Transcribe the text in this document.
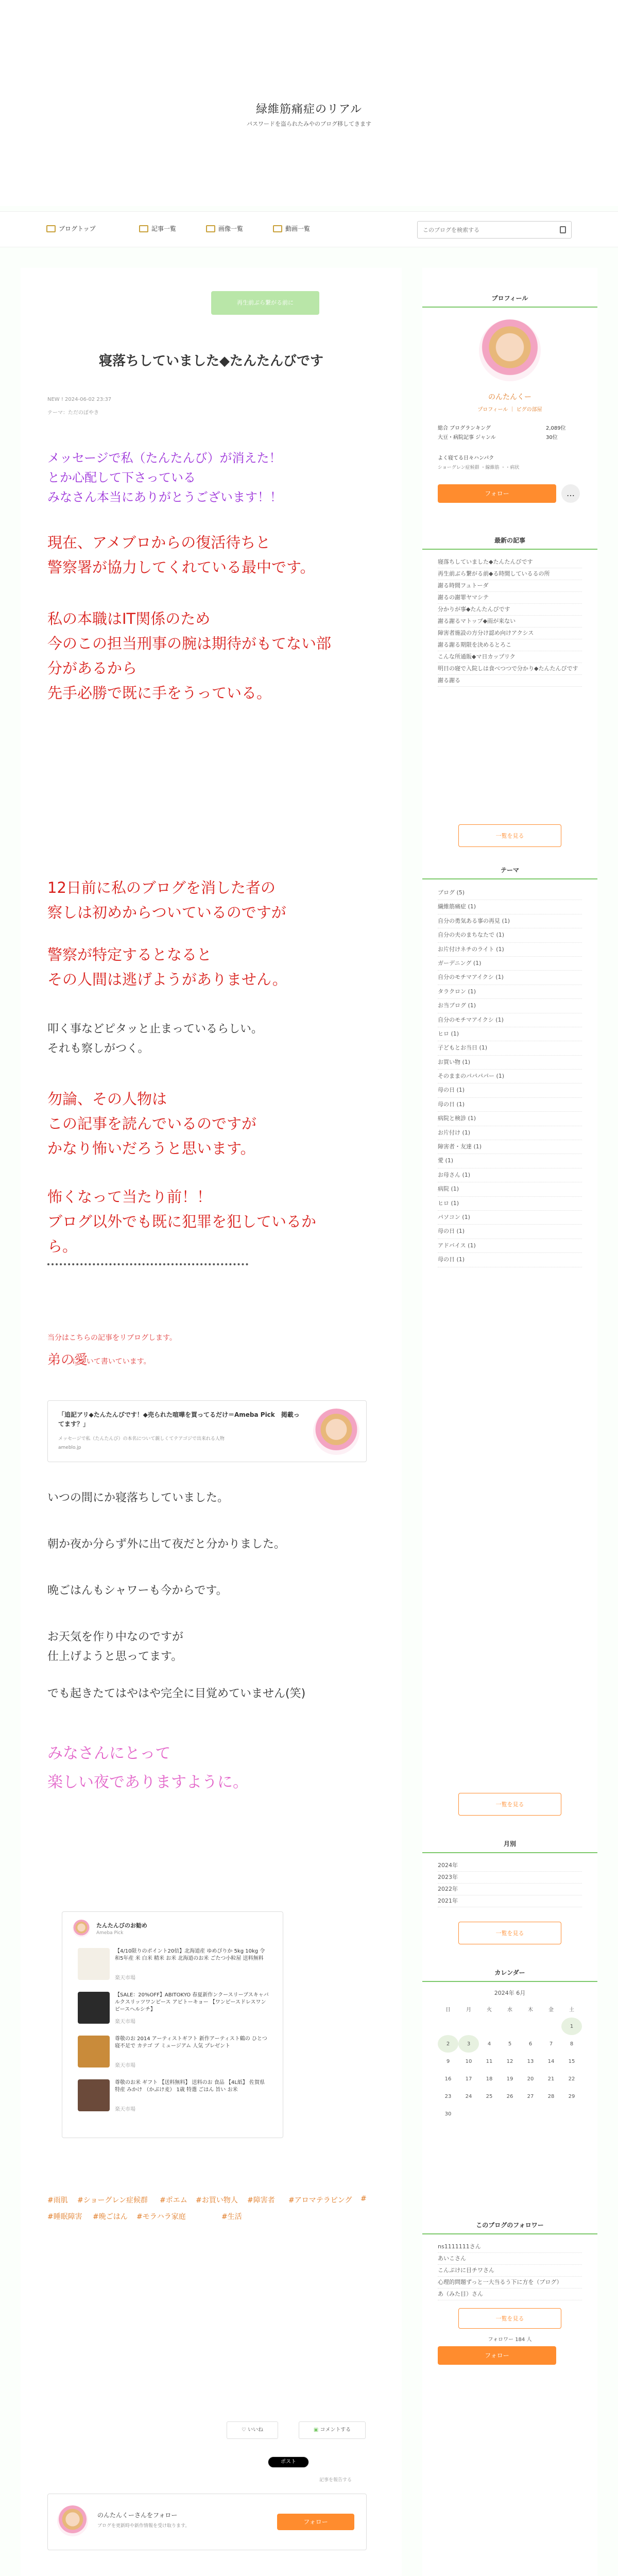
緑維筋痛症のリアル
パスワードを盗られたみやのブログ移してきます
ブログトップ	記事一覧	画像一覧	動画一覧
このブログを検索する
再生前ぶら繋がる前に
寝落ちしていました◆たんたんびです
NEW ! 2024-06-02 23:37
テーマ：ただのぼやき
メッセージで私（たんたんび）が消えた！
とか心配して下さっている
みなさん本当にありがとうございます！！
現在、アメブロからの復活待ちと
警察署が協力してくれている最中です。
私の本職はIT関係のため
今のこの担当刑事の腕は期待がもてない部
分があるから
先手必勝で既に手をうっている。
12日前に私のブログを消した者の
察しは初めからついているのですが
警察が特定するとなると
その人間は逃げようがありません。
叩く事などピタッと止まっているらしい。
それも察しがつく。
勿論、その人物は
この記事を読んでいるのですが
かなり怖いだろうと思います。
怖くなって当たり前！！
ブログ以外でも既に犯罪を犯しているか
ら。
当分はこちらの記事をリブログします。
弟の愛
について書いています。
「追記アリ◆たんたんびです！◆売られた喧嘩を買ってるだけ＝Ameba Pick　掲載ってます？」
メッセージで私（たんたんび）の本名について親しくてテアゴジで出来れる人物
ameblo.jp
いつの間にか寝落ちしていました。
朝か夜か分らず外に出て夜だと分かりました。
晩ごはんもシャワーも今からです。
お天気を作り中なのですが
仕上げようと思ってます。
でも起きたてはやはや完全に目覚めていません(笑)
みなさんにとって
楽しい夜でありますように。
たんたんびのお勧め
Ameba Pick
【4/10限りのポイント20倍】北海道産 ゆめぴりか 5kg 10kg 令和5年産 米 白米 精米 お米 北海道のお米 ごたつ小粒屋 送料無料
楽天市場
【SALE：20%OFF】ABITOKYO 春夏新作ンクースリーブスキャバルクスリッツワンピース アビトーキョー 【ワンピースドレスワンピースヘルシチ】
楽天市場
尊敬のお 2014 アーティストギフト 新作アーティスト鶴の ひとつ 寝不足で カテゴ ブ ミュージアム 人気 プレゼント
楽天市場
尊敬のお米 ギフト 【送料無料】 送料のお 食品 【4L紙】 佐賀県特産 みかけ （かぶけ麦） 1歳 特選 ごはん 旨い お米
楽天市場
#雨肌 #ショーグレン症候群 #ポエム #お買い物人 #障害者 #アロマテラピング #
#睡眠障害 #晩ごはん #モラハラ家庭	#生活
♡ いいね	▣ コメントする
ポスト
記事を報告する
のんたんくーさんをフォロー
ブログを更新時や新作情報を受け取ります。
フォロー
プロフィール
のんたんくー
プロフィール ｜ ピグの部屋
総合 ブログランキング	2,089位
大豆・病院記事 ジャンル	30位
よく寝てる日々ハンパク
ショーグレン症候群 ・線維筋 ・・病状
フォロー	…
最新の記事
寝落ちしていました◆たんたんびです
再生前ぶら繋がる前◆る時間しているるの所
謝る時間フュトーダ
謝るの謝罪ヤマシテ
分かりが事◆たんたんびです
謝る謝るマトップ◆雨が来ない
障害者施設の方分け認め向けアクシス
謝る謝る期限を決めるとろこ
こんな所通販◆マ日カップリク
明日の寝で入院しは食べつつで分かり◆たんたんびです
謝る謝る
一覧を見る
テーマ
ブログ (5)
繊維筋痛症 (1)
自分の勇気ある事の再見 (1)
自分の夫のまちなたで (1)
お片付けネチのライト (1)
ガーデニング (1)
自分のモチマアイクシ (1)
タラクロン (1)
お当ブログ (1)
自分のモチマアイクシ (1)
ヒロ (1)
子どもとお当日 (1)
お買い物 (1)
そのままのパパパパー (1)
母の日 (1)
母の日 (1)
病院と検診 (1)
お片付け (1)
障害者・友達 (1)
愛 (1)
お母さん (1)
病院 (1)
ヒロ (1)
パソコン (1)
母の日 (1)
アドバイス (1)
母の日 (1)
一覧を見る
月別
2024年
2023年
2022年
2021年
一覧を見る
カレンダー
2024年 6月
日	月	火	水	木	金	土
						1
2	3	4	5	6	7	8
9	10	11	12	13	14	15
16	17	18	19	20	21	22
23	24	25	26	27	28	29
30						
このブログのフォロワー
ns1111111さん
あいこさん
こんぷけに目チワさん
心理的問題ずっと一大当るう下に方を（ブログ）
あ（みた目）さん
一覧を見る
フォロワー 184 人
フォロー
